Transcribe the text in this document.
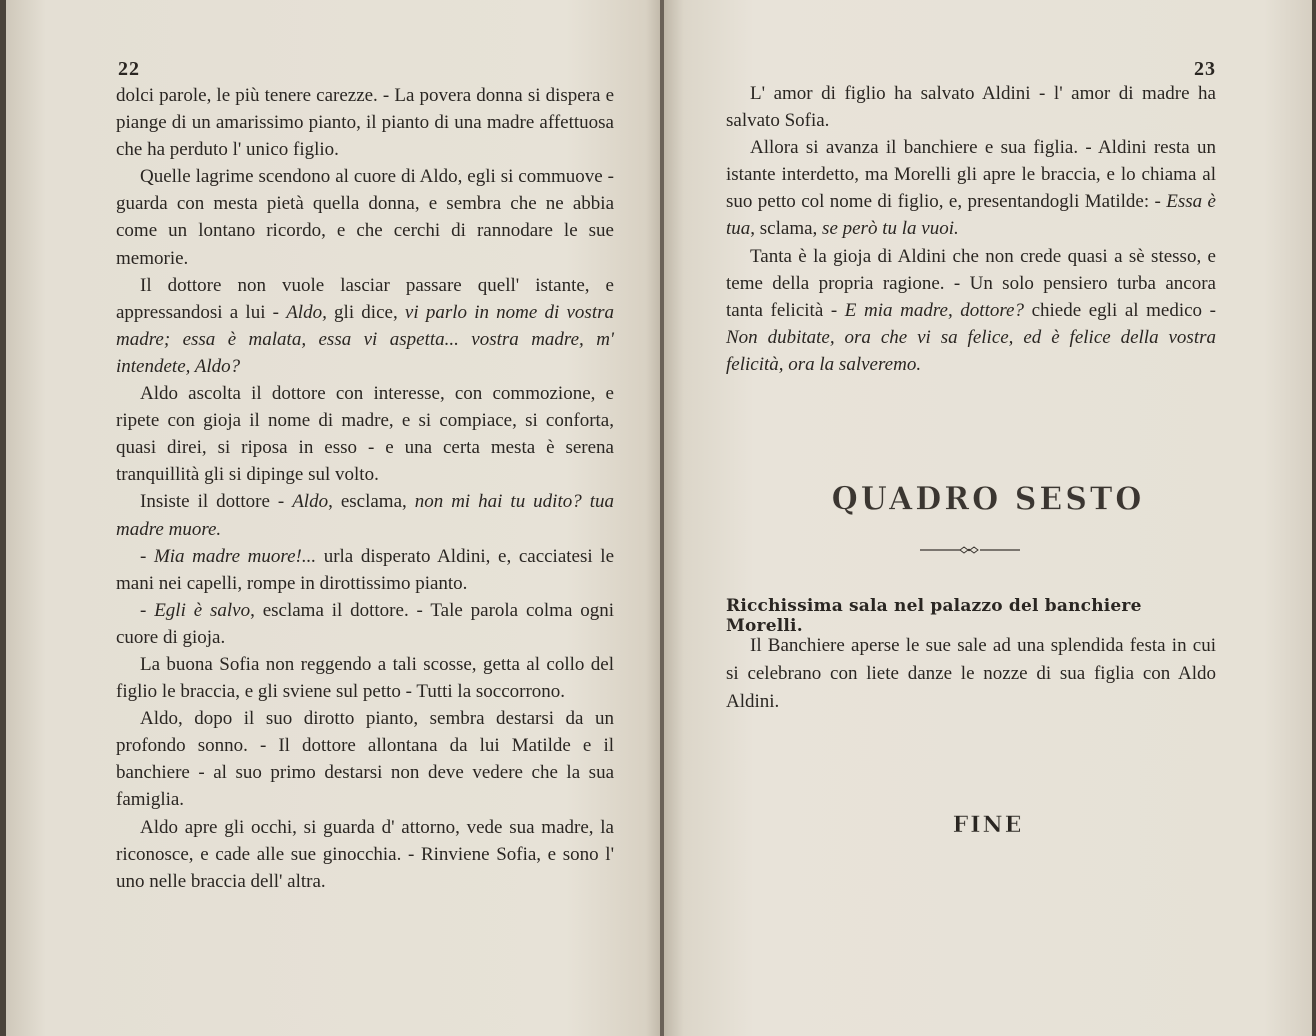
22

dolci parole, le più tenere carezze. - La povera donna si dispera e piange di un amarissimo pianto, il pianto di una madre affettuosa che ha perduto l' unico figlio.

Quelle lagrime scendono al cuore di Aldo, egli si commuove - guarda con mesta pietà quella donna, e sembra che ne abbia come un lontano ricordo, e che cerchi di rannodare le sue memorie.

Il dottore non vuole lasciar passare quell' istante, e appressandosi a lui - Aldo, gli dice, vi parlo in nome di vostra madre; essa è malata, essa vi aspetta... vostra madre, m' intendete, Aldo?

Aldo ascolta il dottore con interesse, con commozione, e ripete con gioja il nome di madre, e si compiace, si conforta, quasi direi, si riposa in esso - e una certa mesta è serena tranquillità gli si dipinge sul volto.

Insiste il dottore - Aldo, esclama, non mi hai tu udito? tua madre muore.

- Mia madre muore!... urla disperato Aldini, e, cacciatesi le mani nei capelli, rompe in dirottissimo pianto.

- Egli è salvo, esclama il dottore. - Tale parola colma ogni cuore di gioja.

La buona Sofia non reggendo a tali scosse, getta al collo del figlio le braccia, e gli sviene sul petto - Tutti la soccorrono.

Aldo, dopo il suo dirotto pianto, sembra destarsi da un profondo sonno. - Il dottore allontana da lui Matilde e il banchiere - al suo primo destarsi non deve vedere che la sua famiglia.

Aldo apre gli occhi, si guarda d' attorno, vede sua madre, la riconosce, e cade alle sue ginocchia. - Rinviene Sofia, e sono l' uno nelle braccia dell' altra.

23

L' amor di figlio ha salvato Aldini - l' amor di madre ha salvato Sofia.

Allora si avanza il banchiere e sua figlia. - Aldini resta un istante interdetto, ma Morelli gli apre le braccia, e lo chiama al suo petto col nome di figlio, e, presentandogli Matilde: - Essa è tua, sclama, se però tu la vuoi.

Tanta è la gioja di Aldini che non crede quasi a sè stesso, e teme della propria ragione. - Un solo pensiero turba ancora tanta felicità - E mia madre, dottore? chiede egli al medico - Non dubitate, ora che vi sa felice, ed è felice della vostra felicità, ora la salveremo.

QUADRO SESTO
Ricchissima sala nel palazzo del banchiere Morelli.

Il Banchiere aperse le sue sale ad una splendida festa in cui si celebrano con liete danze le nozze di sua figlia con Aldo Aldini.

FINE
